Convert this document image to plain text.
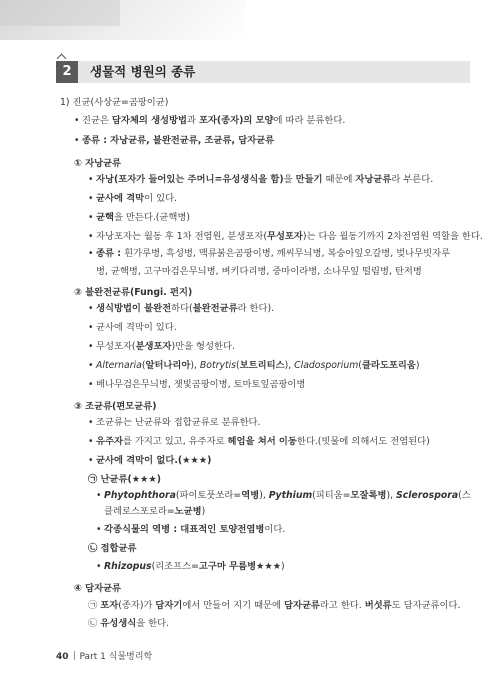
2	생물적 병원의 종류
1) 진균(사상균=곰팡이균)
• 진균은 담자체의 생성방법과 포자(종자)의 모양에 따라 분류한다.
• 종류 : 자낭균류, 불완전균류, 조균류, 담자균류
① 자낭균류
• 자낭(포자가 들어있는 주머니=유성생식을 함)을 만들기 때문에 자낭균류라 부른다.
• 균사에 격막이 있다.
• 균핵을 만든다.(균핵병)
• 자낭포자는 월동 후 1차 전염원, 분생포자(무성포자)는 다음 월동기까지 2차전염원 역할을 한다.
• 종류 : 흰가루병, 흑성병, 맥류붉은곰팡이병, 깨씨무늬병, 복숭아잎오갈병, 벚나무빗자루
병, 균핵병, 고구마검은무늬병, 벼키다리병, 중마이라병, 소나무잎 떨림병, 탄저병
② 불완전균류(Fungi. 펀지)
• 생식방법이 불완전하다(불완전균류라 한다).
• 균사에 격막이 있다.
• 무성포자(분생포자)만을 형성한다.
• Alternaria(알터나리아), Botrytis(보트리티스), Cladosporium(클라도포리움)
• 배나무검은무늬병, 잿빛곰팡이병, 토마토잎곰팡이병
③ 조균류(편모균류)
• 조균류는 난균류와 접합균류로 분류한다.
• 유주자를 가지고 있고, 유주자로 헤엄을 쳐서 이동한다.(빗물에 의해서도 전염된다)
• 균사에 격막이 없다.(★★★)
㉠ 난균류(★★★)
• Phytophthora(파이토풋쏘라=역병), Pythium(피티움=모잘록병), Sclerospora(스
클레로스포로라=노균병)
• 각종식물의 역병 : 대표적인 토양전염병이다.
㉡ 접합균류
• Rhizopus(리조프스=고구마 무름병★★★)
④ 담자균류
㉠ 포자(종자)가 담자기에서 만들어 지기 때문에 담자균류라고 한다. 버섯류도 담자균류이다.
㉡ 유성생식을 한다.
40 Part 1 식물병리학
